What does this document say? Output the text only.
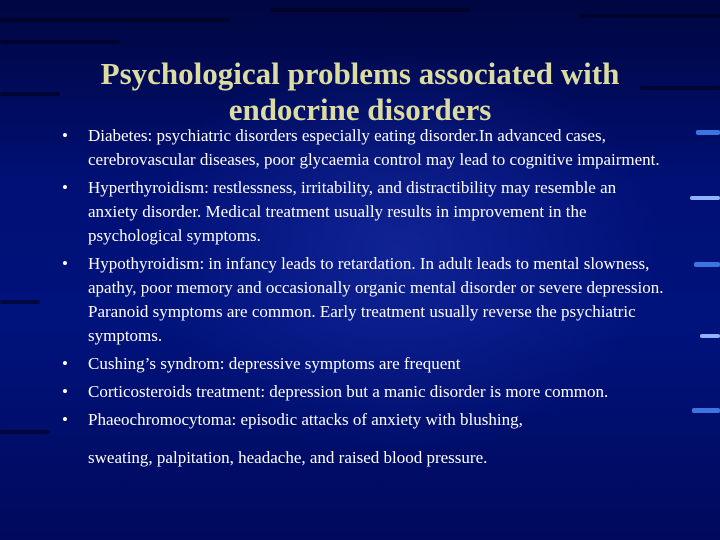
Psychological problems associated with endocrine disorders
• Diabetes: psychiatric disorders especially eating disorder.In advanced cases, cerebrovascular diseases, poor glycaemia control may lead to cognitive impairment.
• Hyperthyroidism: restlessness, irritability, and distractibility may resemble an anxiety disorder. Medical treatment usually results in improvement in the psychological symptoms.
• Hypothyroidism: in infancy leads to retardation. In adult leads to mental slowness, apathy, poor memory and occasionally organic mental disorder or severe depression. Paranoid symptoms are common. Early treatment usually reverse the psychiatric symptoms.
• Cushing’s syndrom: depressive symptoms are frequent
• Corticosteroids treatment: depression but a manic disorder is more common.
• Phaeochromocytoma: episodic attacks of anxiety with blushing,
sweating, palpitation, headache, and raised blood pressure.
